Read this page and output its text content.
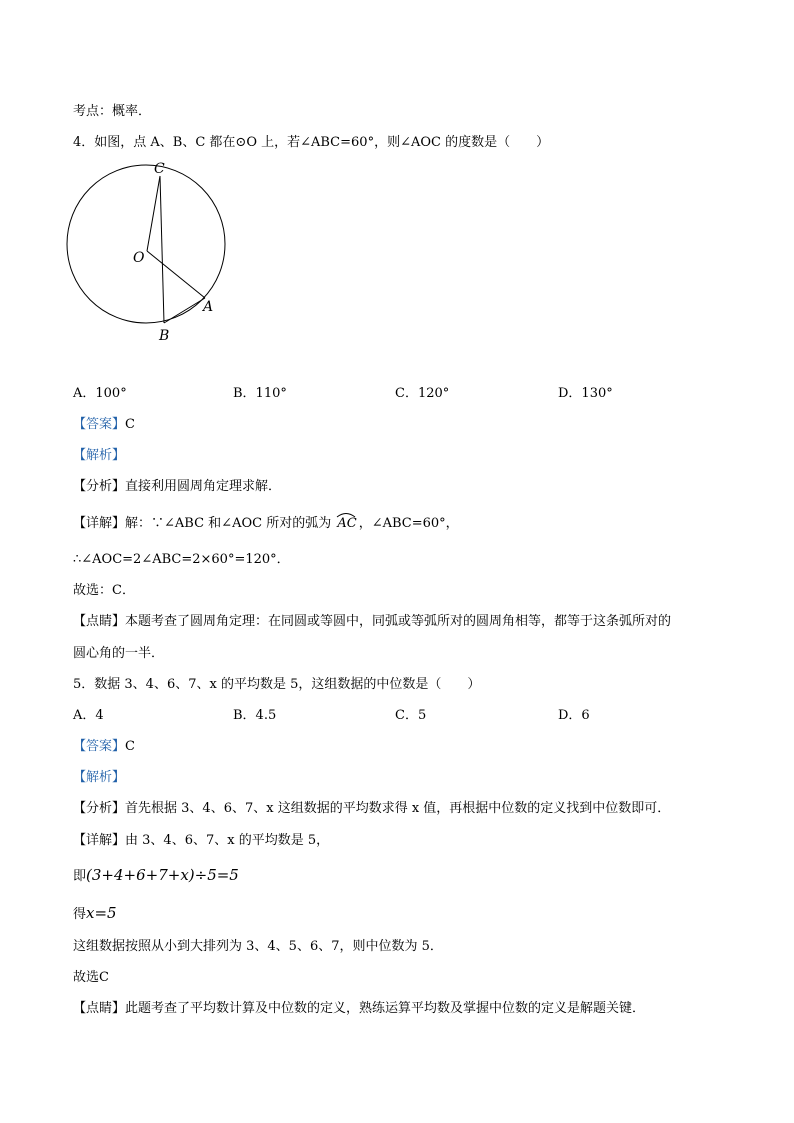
考点：概率．
4．如图，点 A、B、C 都在⊙O 上，若∠ABC=60°，则∠AOC 的度数是（　　）
C
O
A
B
A．100°	B．110°	C．120°	D．130°
【答案】C
【解析】
【分析】直接利用圆周角定理求解．
【详解】解：∵∠ABC 和∠AOC 所对的弧为 AC ，∠ABC=60°，
∴∠AOC=2∠ABC=2×60°=120°．
故选：C．
【点睛】本题考查了圆周角定理：在同圆或等圆中，同弧或等弧所对的圆周角相等，都等于这条弧所对的
圆心角的一半．
5．数据 3、4、6、7、x 的平均数是 5，这组数据的中位数是（　　）
A．4	B．4.5	C．5	D．6
【答案】C
【解析】
【分析】首先根据 3、4、6、7、x 这组数据的平均数求得 x 值，再根据中位数的定义找到中位数即可．
【详解】由 3、4、6、7、x 的平均数是 5，
即(3+4+6+7+x)÷5=5
得x=5
这组数据按照从小到大排列为 3、4、5、6、7，则中位数为 5．
故选C
【点睛】此题考查了平均数计算及中位数的定义，熟练运算平均数及掌握中位数的定义是解题关键．
